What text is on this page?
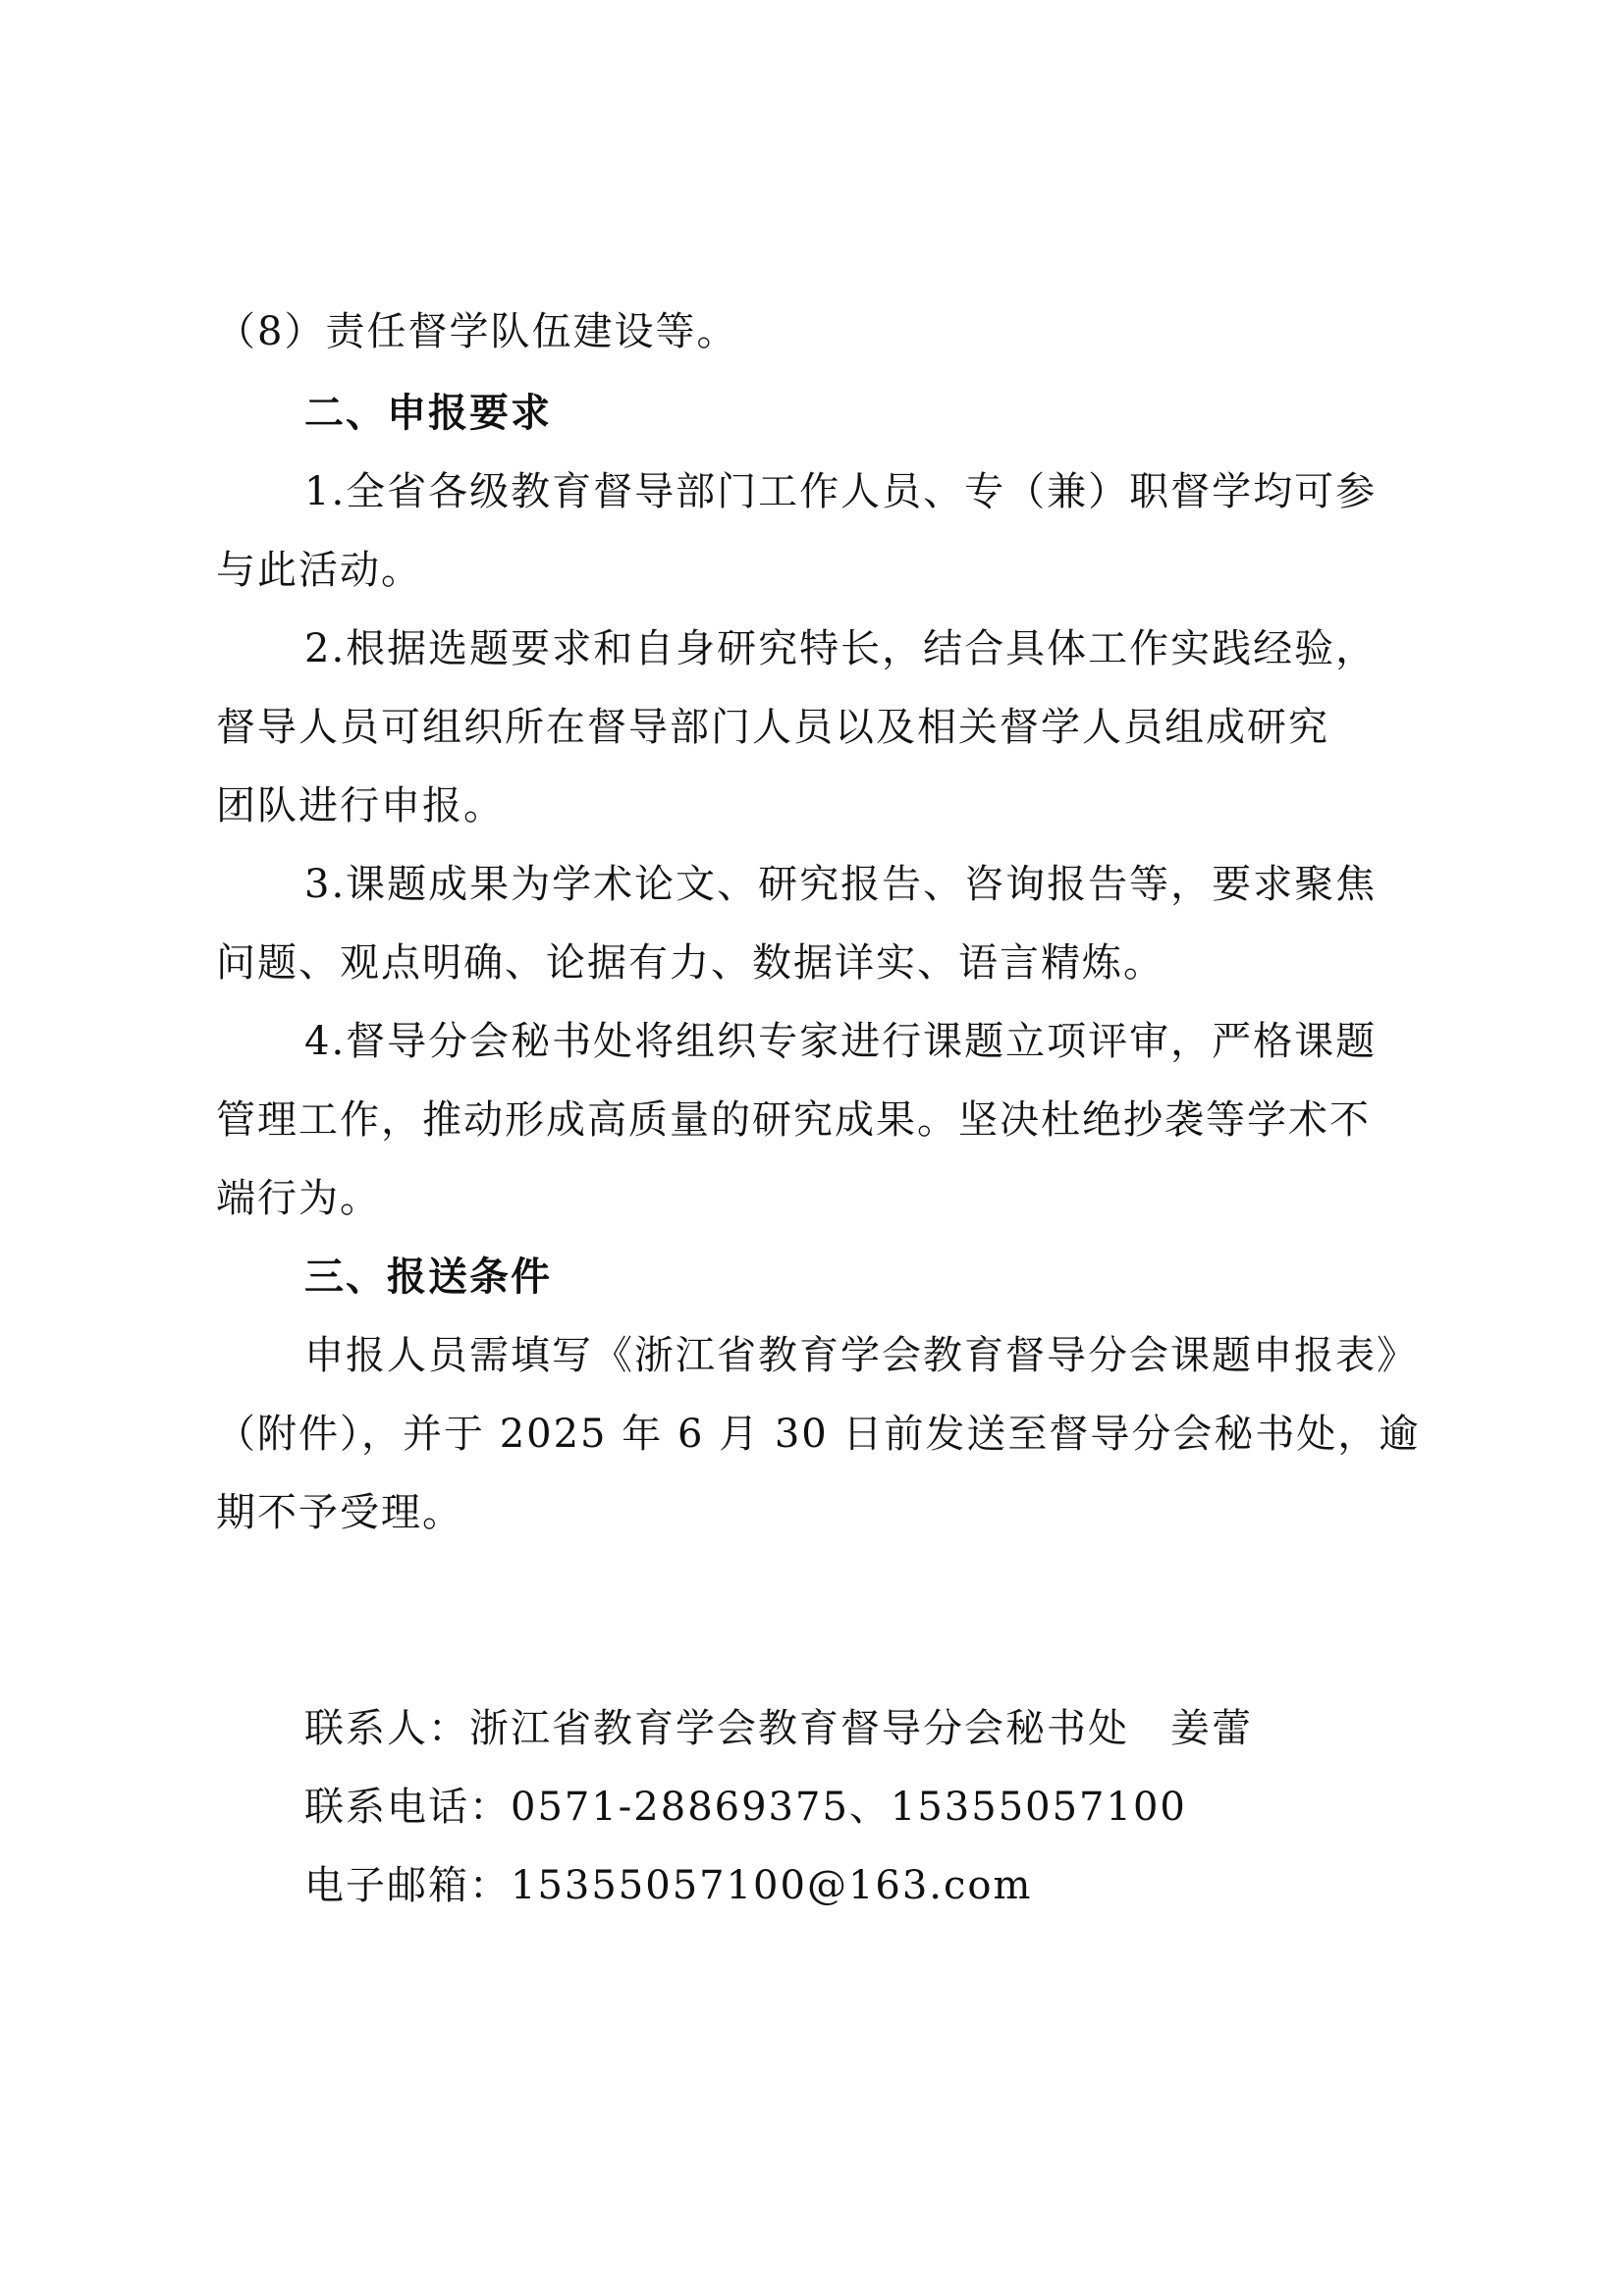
（8）责任督学队伍建设等。
二、申报要求
1.全省各级教育督导部门工作人员、专（兼）职督学均可参
与此活动。
2.根据选题要求和自身研究特长，结合具体工作实践经验，
督导人员可组织所在督导部门人员以及相关督学人员组成研究
团队进行申报。
3.课题成果为学术论文、研究报告、咨询报告等，要求聚焦
问题、观点明确、论据有力、数据详实、语言精炼。
4.督导分会秘书处将组织专家进行课题立项评审，严格课题
管理工作，推动形成高质量的研究成果。坚决杜绝抄袭等学术不
端行为。
三、报送条件
申报人员需填写《浙江省教育学会教育督导分会课题申报表》
（附件），并于 2025 年 6 月 30 日前发送至督导分会秘书处，逾
期不予受理。
联系人：浙江省教育学会教育督导分会秘书处　姜蕾
联系电话：0571-28869375、15355057100
电子邮箱：15355057100@163.com
